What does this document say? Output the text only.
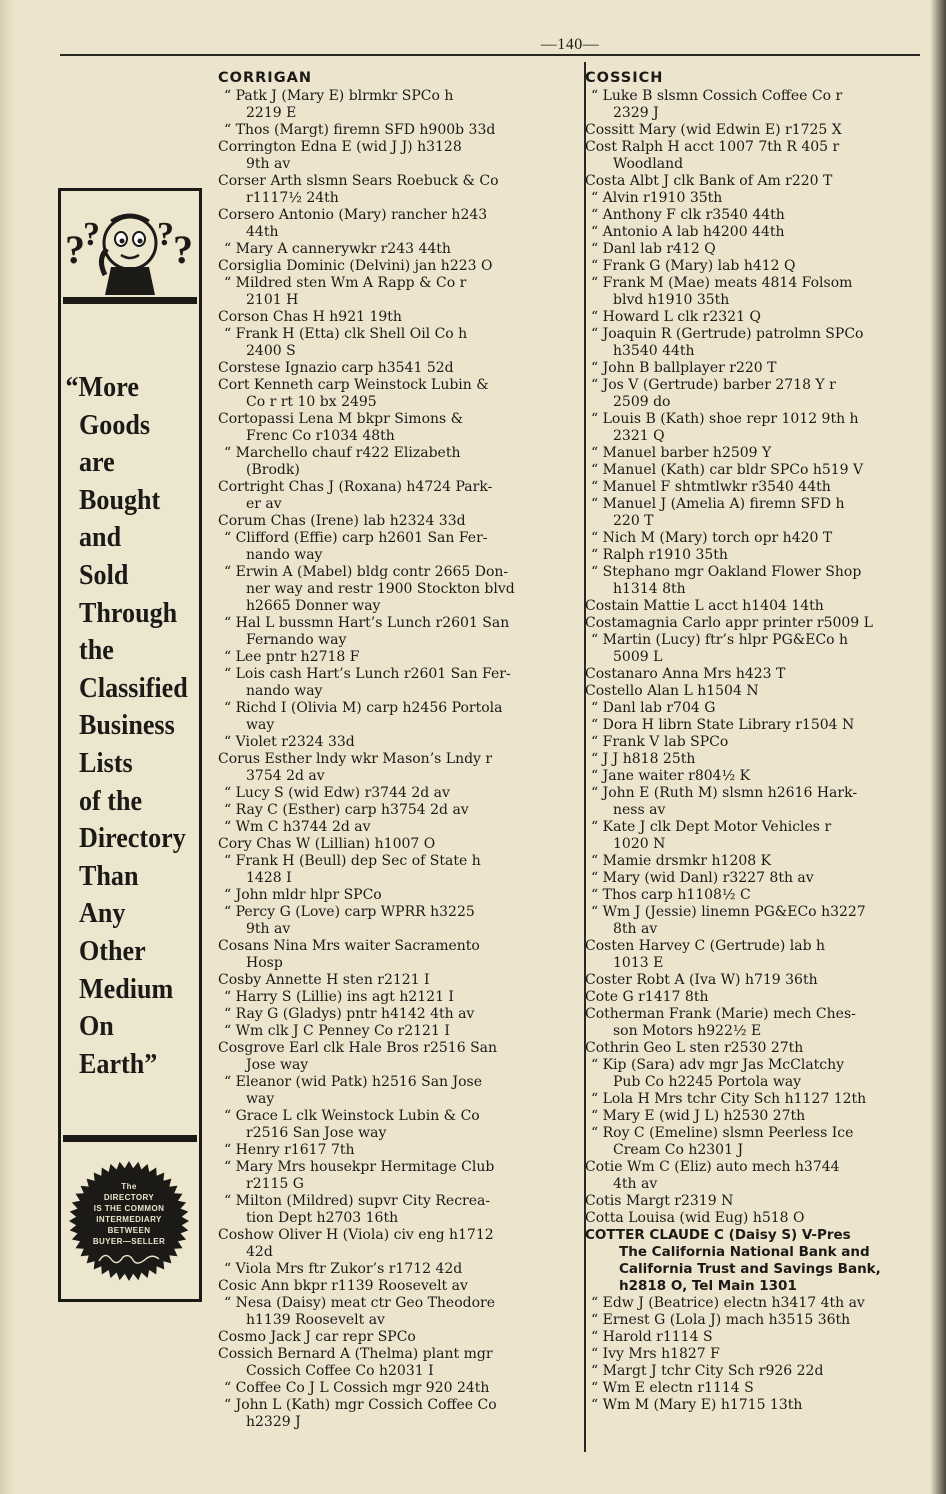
—140—
?
? ? ?
“More
Goods
are
Bought
and
Sold
Through
the
Classified
Business
Lists
of the
Directory
Than
Any
Other
Medium
On
Earth”
The
DIRECTORY
IS THE COMMON
INTERMEDIARY
BETWEEN
BUYER—SELLER
CORRIGAN
“ Patk J (Mary E) blrmkr SPCo h
2219 E
“ Thos (Margt) firemn SFD h900b 33d
Corrington Edna E (wid J J) h3128
9th av
Corser Arth slsmn Sears Roebuck & Co
r1117½ 24th
Corsero Antonio (Mary) rancher h243
44th
“ Mary A cannerywkr r243 44th
Corsiglia Dominic (Delvini) jan h223 O
“ Mildred sten Wm A Rapp & Co r
2101 H
Corson Chas H h921 19th
“ Frank H (Etta) clk Shell Oil Co h
2400 S
Corstese Ignazio carp h3541 52d
Cort Kenneth carp Weinstock Lubin &
Co r rt 10 bx 2495
Cortopassi Lena M bkpr Simons &
Frenc Co r1034 48th
“ Marchello chauf r422 Elizabeth
(Brodk)
Cortright Chas J (Roxana) h4724 Park-
er av
Corum Chas (Irene) lab h2324 33d
“ Clifford (Effie) carp h2601 San Fer-
nando way
“ Erwin A (Mabel) bldg contr 2665 Don-
ner way and restr 1900 Stockton blvd
h2665 Donner way
“ Hal L bussmn Hart’s Lunch r2601 San
Fernando way
“ Lee pntr h2718 F
“ Lois cash Hart’s Lunch r2601 San Fer-
nando way
“ Richd I (Olivia M) carp h2456 Portola
way
“ Violet r2324 33d
Corus Esther lndy wkr Mason’s Lndy r
3754 2d av
“ Lucy S (wid Edw) r3744 2d av
“ Ray C (Esther) carp h3754 2d av
“ Wm C h3744 2d av
Cory Chas W (Lillian) h1007 O
“ Frank H (Beull) dep Sec of State h
1428 I
“ John mldr hlpr SPCo
“ Percy G (Love) carp WPRR h3225
9th av
Cosans Nina Mrs waiter Sacramento
Hosp
Cosby Annette H sten r2121 I
“ Harry S (Lillie) ins agt h2121 I
“ Ray G (Gladys) pntr h4142 4th av
“ Wm clk J C Penney Co r2121 I
Cosgrove Earl clk Hale Bros r2516 San
Jose way
“ Eleanor (wid Patk) h2516 San Jose
way
“ Grace L clk Weinstock Lubin & Co
r2516 San Jose way
“ Henry r1617 7th
“ Mary Mrs housekpr Hermitage Club
r2115 G
“ Milton (Mildred) supvr City Recrea-
tion Dept h2703 16th
Coshow Oliver H (Viola) civ eng h1712
42d
“ Viola Mrs ftr Zukor’s r1712 42d
Cosic Ann bkpr r1139 Roosevelt av
“ Nesa (Daisy) meat ctr Geo Theodore
h1139 Roosevelt av
Cosmo Jack J car repr SPCo
Cossich Bernard A (Thelma) plant mgr
Cossich Coffee Co h2031 I
“ Coffee Co J L Cossich mgr 920 24th
“ John L (Kath) mgr Cossich Coffee Co
h2329 J
COSSICH
“ Luke B slsmn Cossich Coffee Co r
2329 J
Cossitt Mary (wid Edwin E) r1725 X
Cost Ralph H acct 1007 7th R 405 r
Woodland
Costa Albt J clk Bank of Am r220 T
“ Alvin r1910 35th
“ Anthony F clk r3540 44th
“ Antonio A lab h4200 44th
“ Danl lab r412 Q
“ Frank G (Mary) lab h412 Q
“ Frank M (Mae) meats 4814 Folsom
blvd h1910 35th
“ Howard L clk r2321 Q
“ Joaquin R (Gertrude) patrolmn SPCo
h3540 44th
“ John B ballplayer r220 T
“ Jos V (Gertrude) barber 2718 Y r
2509 do
“ Louis B (Kath) shoe repr 1012 9th h
2321 Q
“ Manuel barber h2509 Y
“ Manuel (Kath) car bldr SPCo h519 V
“ Manuel F shtmtlwkr r3540 44th
“ Manuel J (Amelia A) firemn SFD h
220 T
“ Nich M (Mary) torch opr h420 T
“ Ralph r1910 35th
“ Stephano mgr Oakland Flower Shop
h1314 8th
Costain Mattie L acct h1404 14th
Costamagnia Carlo appr printer r5009 L
“ Martin (Lucy) ftr’s hlpr PG&ECo h
5009 L
Costanaro Anna Mrs h423 T
Costello Alan L h1504 N
“ Danl lab r704 G
“ Dora H librn State Library r1504 N
“ Frank V lab SPCo
“ J J h818 25th
“ Jane waiter r804½ K
“ John E (Ruth M) slsmn h2616 Hark-
ness av
“ Kate J clk Dept Motor Vehicles r
1020 N
“ Mamie drsmkr h1208 K
“ Mary (wid Danl) r3227 8th av
“ Thos carp h1108½ C
“ Wm J (Jessie) linemn PG&ECo h3227
8th av
Costen Harvey C (Gertrude) lab h
1013 E
Coster Robt A (Iva W) h719 36th
Cote G r1417 8th
Cotherman Frank (Marie) mech Ches-
son Motors h922½ E
Cothrin Geo L sten r2530 27th
“ Kip (Sara) adv mgr Jas McClatchy
Pub Co h2245 Portola way
“ Lola H Mrs tchr City Sch h1127 12th
“ Mary E (wid J L) h2530 27th
“ Roy C (Emeline) slsmn Peerless Ice
Cream Co h2301 J
Cotie Wm C (Eliz) auto mech h3744
4th av
Cotis Margt r2319 N
Cotta Louisa (wid Eug) h518 O
COTTER CLAUDE C (Daisy S) V-Pres
The California National Bank and
California Trust and Savings Bank,
h2818 O, Tel Main 1301
“ Edw J (Beatrice) electn h3417 4th av
“ Ernest G (Lola J) mach h3515 36th
“ Harold r1114 S
“ Ivy Mrs h1827 F
“ Margt J tchr City Sch r926 22d
“ Wm E electn r1114 S
“ Wm M (Mary E) h1715 13th
